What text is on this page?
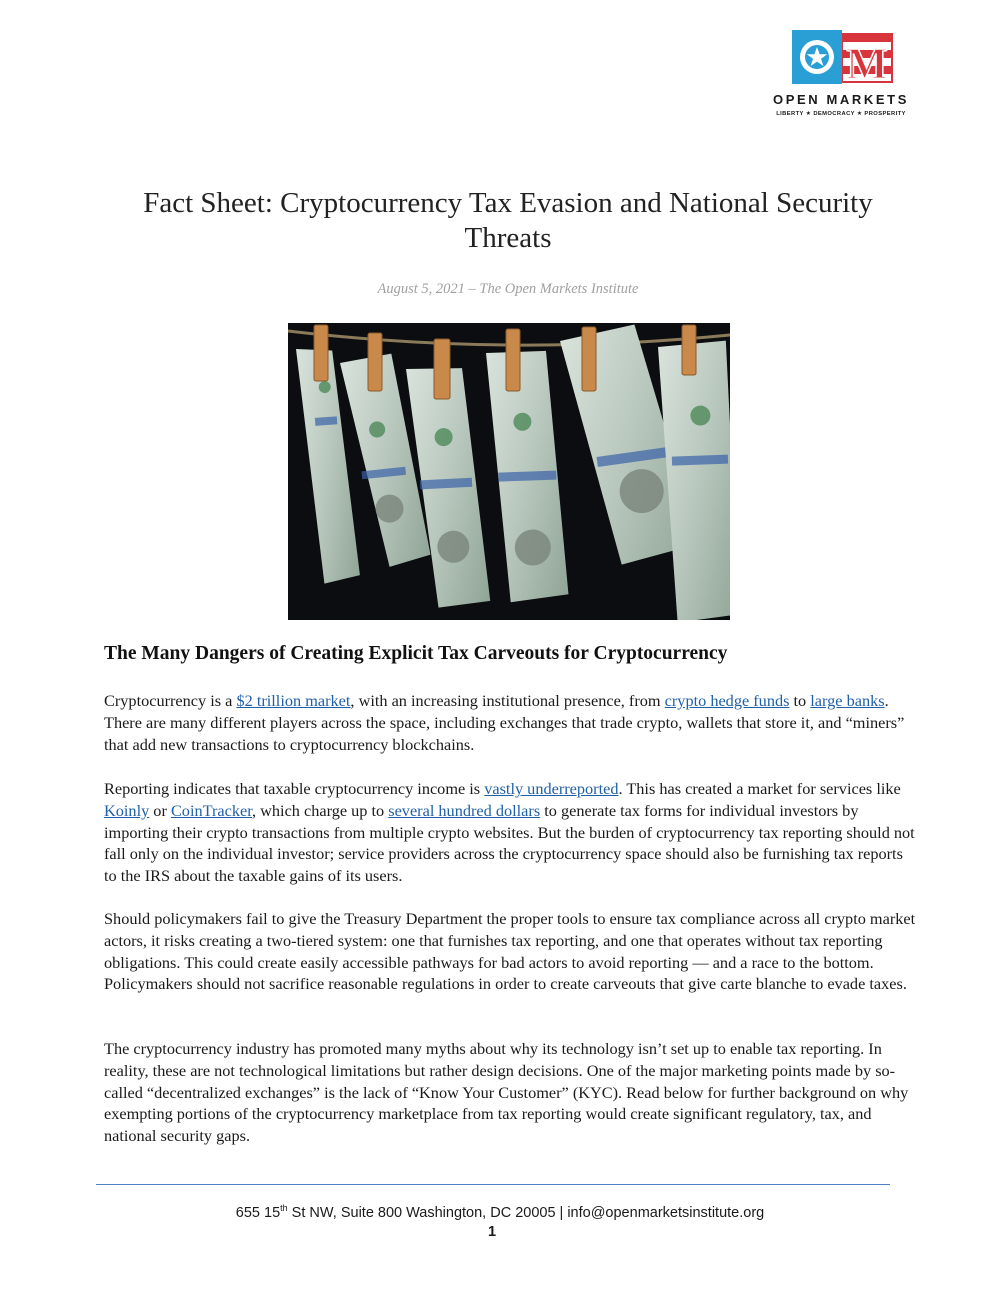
M
OPEN MARKETS
LIBERTY ★ DEMOCRACY ★ PROSPERITY
Fact Sheet: Cryptocurrency Tax Evasion and National Security Threats

August 5, 2021 – The Open Markets Institute

The Many Dangers of Creating Explicit Tax Carveouts for Cryptocurrency

Cryptocurrency is a $2 trillion market, with an increasing institutional presence, from crypto hedge funds to large banks. There are many different players across the space, including exchanges that trade crypto, wallets that store it, and “miners” that add new transactions to cryptocurrency blockchains.

Reporting indicates that taxable cryptocurrency income is vastly underreported. This has created a market for services like Koinly or CoinTracker, which charge up to several hundred dollars to generate tax forms for individual investors by importing their crypto transactions from multiple crypto websites. But the burden of cryptocurrency tax reporting should not fall only on the individual investor; service providers across the cryptocurrency space should also be furnishing tax reports to the IRS about the taxable gains of its users.

Should policymakers fail to give the Treasury Department the proper tools to ensure tax compliance across all crypto market actors, it risks creating a two-tiered system: one that furnishes tax reporting, and one that operates without tax reporting obligations. This could create easily accessible pathways for bad actors to avoid reporting — and a race to the bottom. Policymakers should not sacrifice reasonable regulations in order to create carveouts that give carte blanche to evade taxes.

The cryptocurrency industry has promoted many myths about why its technology isn’t set up to enable tax reporting. In reality, these are not technological limitations but rather design decisions. One of the major marketing points made by so-called “decentralized exchanges” is the lack of “Know Your Customer” (KYC). Read below for further background on why exempting portions of the cryptocurrency marketplace from tax reporting would create significant regulatory, tax, and national security gaps.

655 15th St NW, Suite 800 Washington, DC 20005 | info@openmarketsinstitute.org
1
